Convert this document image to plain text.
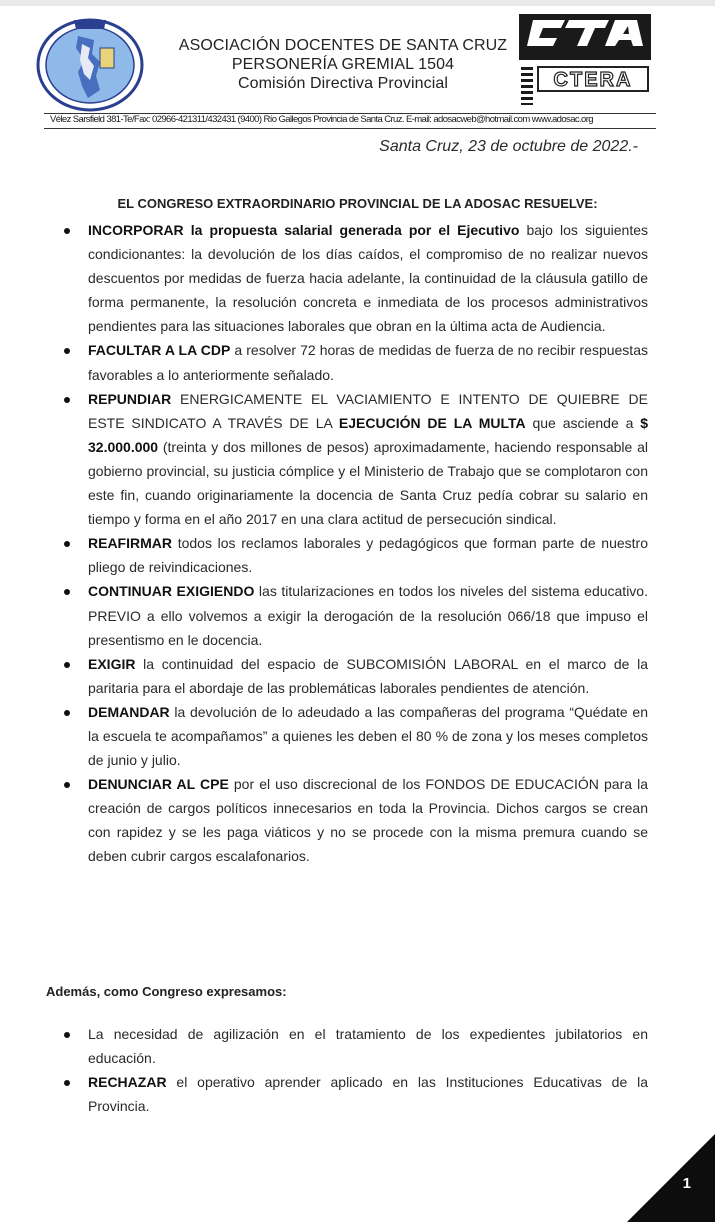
ASOCIACIÓN DOCENTES DE SANTA CRUZ
PERSONERÍA GREMIAL 1504
Comisión Directiva Provincial	CTERA
Vélez Sarsfield 381-Te/Fax: 02966-421311/432431 (9400) Río Gallegos Provincia de Santa Cruz. E-mail: adosacweb@hotmail.com www.adosac.org
Santa Cruz, 23 de octubre de 2022.-
EL CONGRESO EXTRAORDINARIO PROVINCIAL DE LA ADOSAC RESUELVE:
INCORPORAR la propuesta salarial generada por el Ejecutivo bajo los siguientes condicionantes: la devolución de los días caídos, el compromiso de no realizar nuevos descuentos por medidas de fuerza hacia adelante, la continuidad de la cláusula gatillo de forma permanente, la resolución concreta e inmediata de los procesos administrativos pendientes para las situaciones laborales que obran en la última acta de Audiencia.
FACULTAR A LA CDP a resolver 72 horas de medidas de fuerza de no recibir respuestas favorables a lo anteriormente señalado.
REPUNDIAR ENERGICAMENTE EL VACIAMIENTO E INTENTO DE QUIEBRE DE ESTE SINDICATO A TRAVÉS DE LA EJECUCIÓN DE LA MULTA que asciende a $ 32.000.000 (treinta y dos millones de pesos) aproximadamente, haciendo responsable al gobierno provincial, su justicia cómplice y el Ministerio de Trabajo que se complotaron con este fin, cuando originariamente la docencia de Santa Cruz pedía cobrar su salario en tiempo y forma en el año 2017 en una clara actitud de persecución sindical.
REAFIRMAR todos los reclamos laborales y pedagógicos que forman parte de nuestro pliego de reivindicaciones.
CONTINUAR EXIGIENDO las titularizaciones en todos los niveles del sistema educativo. PREVIO a ello volvemos a exigir la derogación de la resolución 066/18 que impuso el presentismo en le docencia.
EXIGIR la continuidad del espacio de SUBCOMISIÓN LABORAL en el marco de la paritaria para el abordaje de las problemáticas laborales pendientes de atención.
DEMANDAR la devolución de lo adeudado a las compañeras del programa “Quédate en la escuela te acompañamos” a quienes les deben el 80 % de zona y los meses completos de junio y julio.
DENUNCIAR AL CPE por el uso discrecional de los FONDOS DE EDUCACIÓN para la creación de cargos políticos innecesarios en toda la Provincia. Dichos cargos se crean con rapidez y se les paga viáticos y no se procede con la misma premura cuando se deben cubrir cargos escalafonarios.
Además, como Congreso expresamos:
La necesidad de agilización en el tratamiento de los expedientes jubilatorios en educación.
RECHAZAR el operativo aprender aplicado en las Instituciones Educativas de la Provincia.
1
